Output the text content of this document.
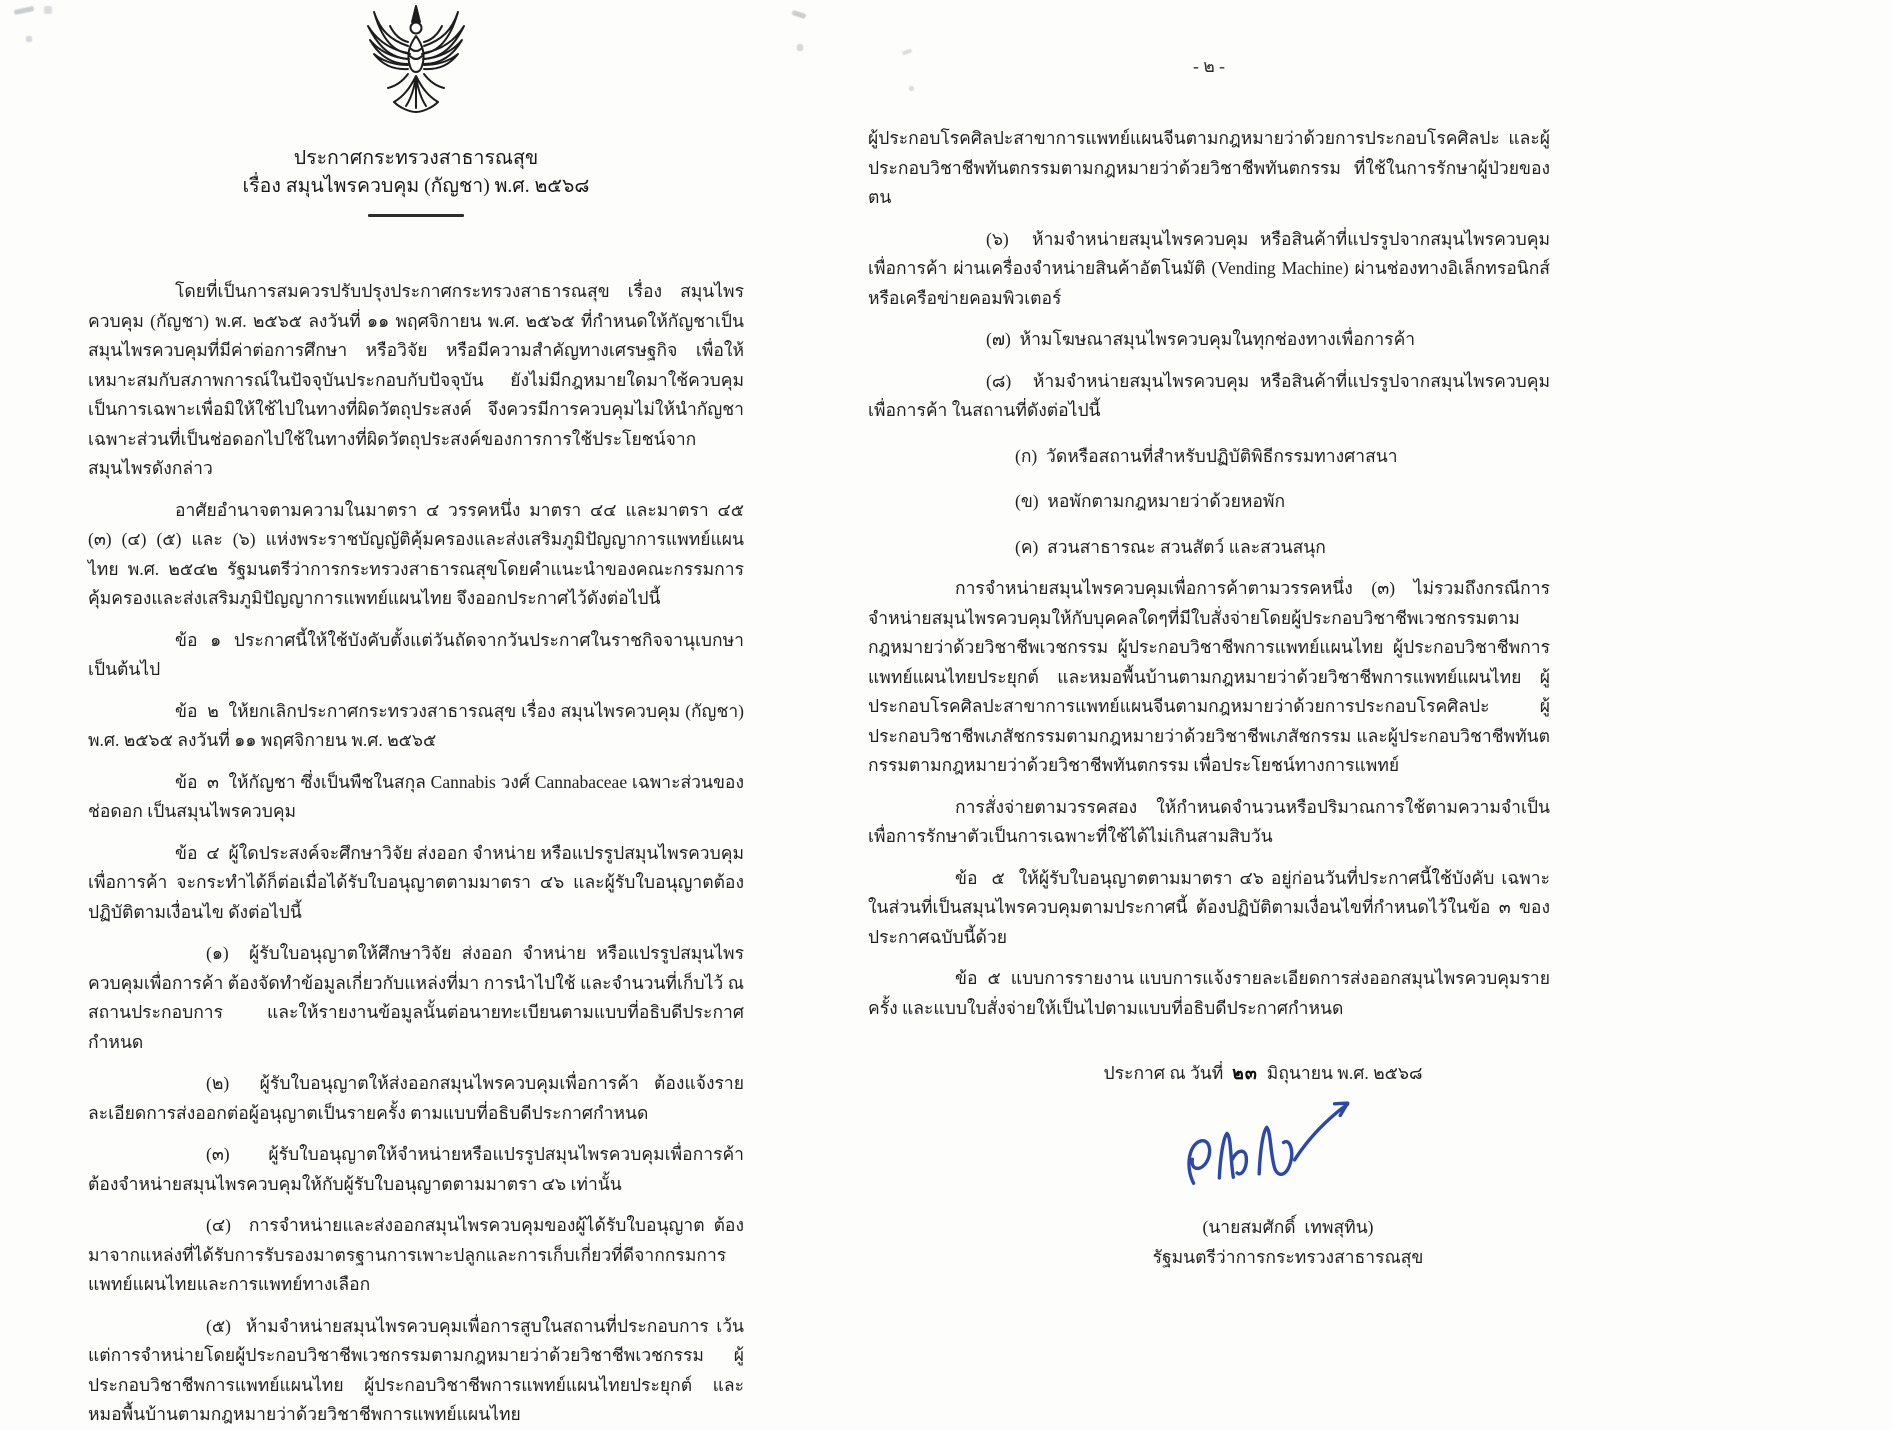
ประกาศกระทรวงสาธารณสุข

เรื่อง สมุนไพรควบคุม (กัญชา) พ.ศ. ๒๕๖๘

โดยที่เป็นการสมควรปรับปรุงประกาศกระทรวงสาธารณสุข เรื่อง สมุนไพรควบคุม (กัญชา) พ.ศ. ๒๕๖๕ ลงวันที่ ๑๑ พฤศจิกายน พ.ศ. ๒๕๖๕ ที่กำหนดให้กัญชาเป็นสมุนไพรควบคุมที่มีค่าต่อการศึกษา หรือวิจัย หรือมีความสำคัญทางเศรษฐกิจ เพื่อให้เหมาะสมกับสภาพการณ์ในปัจจุบันประกอบกับปัจจุบัน ยังไม่มีกฎหมายใดมาใช้ควบคุมเป็นการเฉพาะเพื่อมิให้ใช้ไปในทางที่ผิดวัตถุประสงค์ จึงควรมีการควบคุมไม่ให้นำกัญชาเฉพาะส่วนที่เป็นช่อดอกไปใช้ในทางที่ผิดวัตถุประสงค์ของการการใช้ประโยชน์จากสมุนไพรดังกล่าว

อาศัยอำนาจตามความในมาตรา ๔ วรรคหนึ่ง มาตรา ๔๔ และมาตรา ๔๕ (๓) (๔) (๕) และ (๖) แห่งพระราชบัญญัติคุ้มครองและส่งเสริมภูมิปัญญาการแพทย์แผนไทย พ.ศ. ๒๕๔๒ รัฐมนตรีว่าการกระทรวงสาธารณสุขโดยคำแนะนำของคณะกรรมการคุ้มครองและส่งเสริมภูมิปัญญาการแพทย์แผนไทย จึงออกประกาศไว้ดังต่อไปนี้

ข้อ  ๑  ประกาศนี้ให้ใช้บังคับตั้งแต่วันถัดจากวันประกาศในราชกิจจานุเบกษาเป็นต้นไป

ข้อ  ๒  ให้ยกเลิกประกาศกระทรวงสาธารณสุข เรื่อง สมุนไพรควบคุม (กัญชา) พ.ศ. ๒๕๖๕ ลงวันที่ ๑๑ พฤศจิกายน พ.ศ. ๒๕๖๕

ข้อ  ๓  ให้กัญชา ซึ่งเป็นพืชในสกุล Cannabis วงศ์ Cannabaceae เฉพาะส่วนของช่อดอก เป็นสมุนไพรควบคุม

ข้อ  ๔  ผู้ใดประสงค์จะศึกษาวิจัย ส่งออก จำหน่าย หรือแปรรูปสมุนไพรควบคุมเพื่อการค้า จะกระทำได้ก็ต่อเมื่อได้รับใบอนุญาตตามมาตรา ๔๖ และผู้รับใบอนุญาตต้องปฏิบัติตามเงื่อนไข ดังต่อไปนี้

(๑)  ผู้รับใบอนุญาตให้ศึกษาวิจัย ส่งออก จำหน่าย หรือแปรรูปสมุนไพรควบคุมเพื่อการค้า ต้องจัดทำข้อมูลเกี่ยวกับแหล่งที่มา การนำไปใช้ และจำนวนที่เก็บไว้ ณ สถานประกอบการ และให้รายงานข้อมูลนั้นต่อนายทะเบียนตามแบบที่อธิบดีประกาศกำหนด

(๒)  ผู้รับใบอนุญาตให้ส่งออกสมุนไพรควบคุมเพื่อการค้า ต้องแจ้งรายละเอียดการส่งออกต่อผู้อนุญาตเป็นรายครั้ง ตามแบบที่อธิบดีประกาศกำหนด

(๓)  ผู้รับใบอนุญาตให้จำหน่ายหรือแปรรูปสมุนไพรควบคุมเพื่อการค้า ต้องจำหน่ายสมุนไพรควบคุมให้กับผู้รับใบอนุญาตตามมาตรา ๔๖ เท่านั้น

(๔)  การจำหน่ายและส่งออกสมุนไพรควบคุมของผู้ได้รับใบอนุญาต ต้องมาจากแหล่งที่ได้รับการรับรองมาตรฐานการเพาะปลูกและการเก็บเกี่ยวที่ดีจากกรมการแพทย์แผนไทยและการแพทย์ทางเลือก

(๕)  ห้ามจำหน่ายสมุนไพรควบคุมเพื่อการสูบในสถานที่ประกอบการ เว้นแต่การจำหน่ายโดยผู้ประกอบวิชาชีพเวชกรรมตามกฎหมายว่าด้วยวิชาชีพเวชกรรม ผู้ประกอบวิชาชีพการแพทย์แผนไทย ผู้ประกอบวิชาชีพการแพทย์แผนไทยประยุกต์ และหมอพื้นบ้านตามกฎหมายว่าด้วยวิชาชีพการแพทย์แผนไทย

- ๒ -

ผู้ประกอบโรคศิลปะสาขาการแพทย์แผนจีนตามกฎหมายว่าด้วยการประกอบโรคศิลปะ และผู้ประกอบวิชาชีพทันตกรรมตามกฎหมายว่าด้วยวิชาชีพทันตกรรม ที่ใช้ในการรักษาผู้ป่วยของตน

(๖)  ห้ามจำหน่ายสมุนไพรควบคุม หรือสินค้าที่แปรรูปจากสมุนไพรควบคุมเพื่อการค้า ผ่านเครื่องจำหน่ายสินค้าอัตโนมัติ (Vending Machine) ผ่านช่องทางอิเล็กทรอนิกส์หรือเครือข่ายคอมพิวเตอร์

(๗)  ห้ามโฆษณาสมุนไพรควบคุมในทุกช่องทางเพื่อการค้า

(๘)  ห้ามจำหน่ายสมุนไพรควบคุม หรือสินค้าที่แปรรูปจากสมุนไพรควบคุมเพื่อการค้า ในสถานที่ดังต่อไปนี้

(ก)  วัดหรือสถานที่สำหรับปฏิบัติพิธีกรรมทางศาสนา

(ข)  หอพักตามกฎหมายว่าด้วยหอพัก

(ค)  สวนสาธารณะ สวนสัตว์ และสวนสนุก

การจำหน่ายสมุนไพรควบคุมเพื่อการค้าตามวรรคหนึ่ง (๓) ไม่รวมถึงกรณีการจำหน่ายสมุนไพรควบคุมให้กับบุคคลใดๆที่มีใบสั่งจ่ายโดยผู้ประกอบวิชาชีพเวชกรรมตามกฎหมายว่าด้วยวิชาชีพเวชกรรม ผู้ประกอบวิชาชีพการแพทย์แผนไทย ผู้ประกอบวิชาชีพการแพทย์แผนไทยประยุกต์ และหมอพื้นบ้านตามกฎหมายว่าด้วยวิชาชีพการแพทย์แผนไทย ผู้ประกอบโรคศิลปะสาขาการแพทย์แผนจีนตามกฎหมายว่าด้วยการประกอบโรคศิลปะ ผู้ประกอบวิชาชีพเภสัชกรรมตามกฎหมายว่าด้วยวิชาชีพเภสัชกรรม และผู้ประกอบวิชาชีพทันตกรรมตามกฎหมายว่าด้วยวิชาชีพทันตกรรม เพื่อประโยชน์ทางการแพทย์

การสั่งจ่ายตามวรรคสอง ให้กำหนดจำนวนหรือปริมาณการใช้ตามความจำเป็นเพื่อการรักษาตัวเป็นการเฉพาะที่ใช้ได้ไม่เกินสามสิบวัน

ข้อ  ๕  ให้ผู้รับใบอนุญาตตามมาตรา ๔๖ อยู่ก่อนวันที่ประกาศนี้ใช้บังคับ เฉพาะในส่วนที่เป็นสมุนไพรควบคุมตามประกาศนี้ ต้องปฏิบัติตามเงื่อนไขที่กำหนดไว้ในข้อ ๓ ของประกาศฉบับนี้ด้วย

ข้อ  ๕  แบบการรายงาน แบบการแจ้งรายละเอียดการส่งออกสมุนไพรควบคุมรายครั้ง และแบบใบสั่งจ่ายให้เป็นไปตามแบบที่อธิบดีประกาศกำหนด

ประกาศ ณ วันที่ ๒๓ มิถุนายน พ.ศ. ๒๕๖๘

(นายสมศักดิ์  เทพสุทิน)

รัฐมนตรีว่าการกระทรวงสาธารณสุข
